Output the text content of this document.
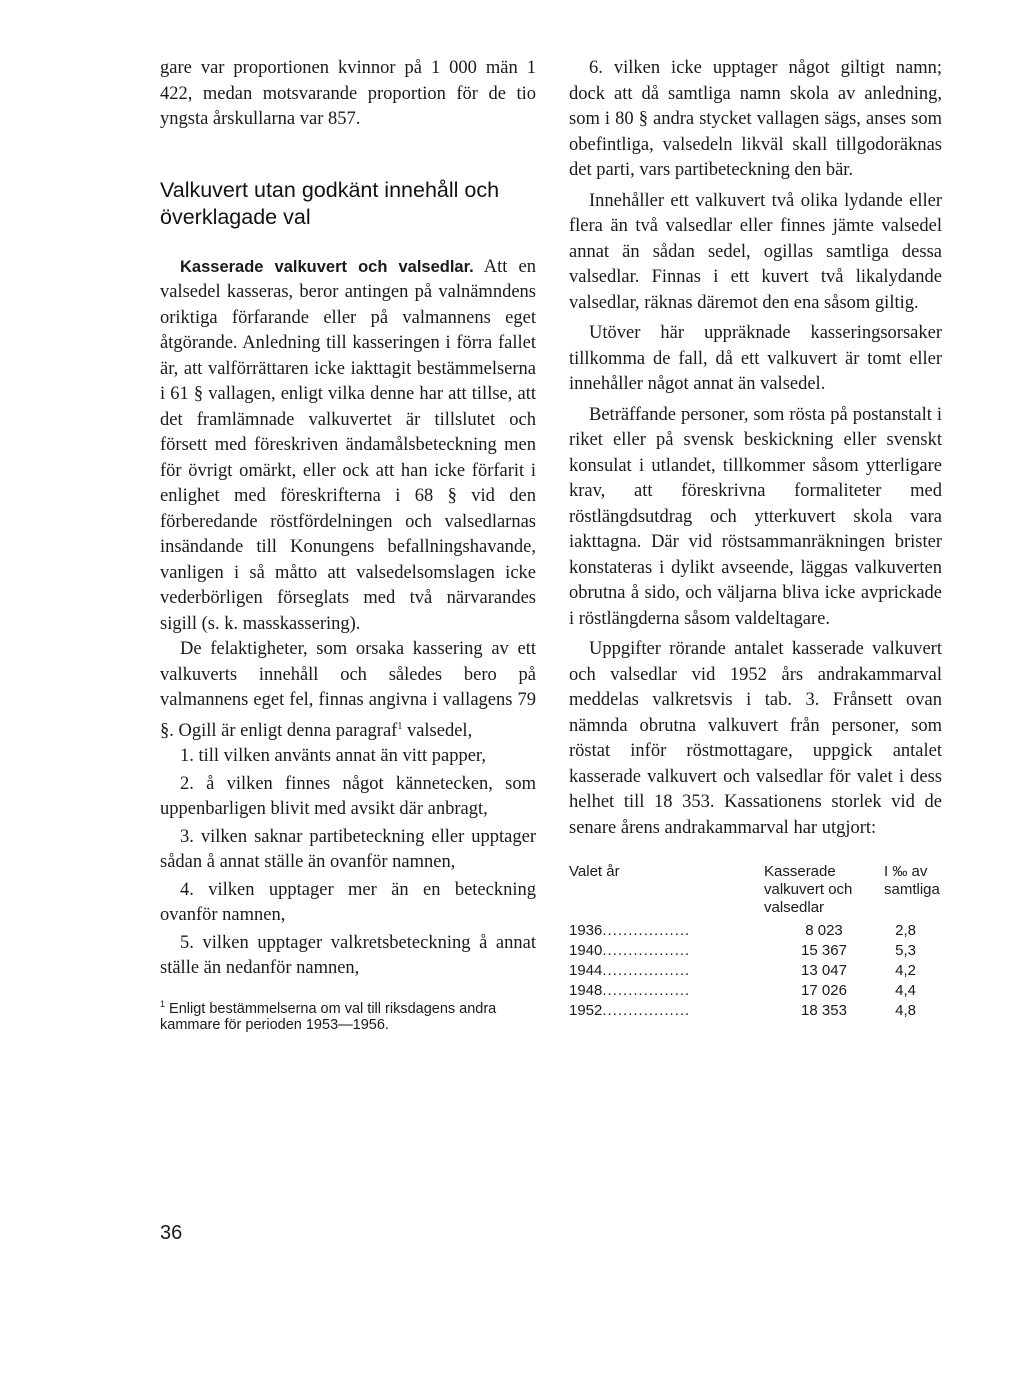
gare var proportionen kvinnor på 1 000 män 1 422, medan motsvarande proportion för de tio yngsta årskullarna var 857.

Valkuvert utan godkänt innehåll och överklagade val

Kasserade valkuvert och valsedlar. Att en valsedel kasseras, beror antingen på valnämndens oriktiga förfarande eller på valmannens eget åtgörande. Anledning till kasseringen i förra fallet är, att valförrättaren icke iakttagit bestämmelserna i 61 § vallagen, enligt vilka denne har att tillse, att det framlämnade valkuvertet är tillslutet och försett med föreskriven ändamålsbeteckning men för övrigt omärkt, eller ock att han icke förfarit i enlighet med föreskrifterna i 68 § vid den förberedande röstfördelningen och valsedlarnas insändande till Konungens befallningshavande, vanligen i så måtto att valsedelsomslagen icke vederbörligen förseglats med två närvarandes sigill (s. k. masskassering).

De felaktigheter, som orsaka kassering av ett valkuverts innehåll och således bero på valmannens eget fel, finnas angivna i vallagens 79 §. Ogill är enligt denna paragraf$^1$ valsedel,

1. till vilken använts annat än vitt papper,

2. å vilken finnes något kännetecken, som uppenbarligen blivit med avsikt där anbragt,

3. vilken saknar partibeteckning eller upptager sådan å annat ställe än ovanför namnen,

4. vilken upptager mer än en beteckning ovanför namnen,

5. vilken upptager valkretsbeteckning å annat ställe än nedanför namnen,

$^1$ Enligt bestämmelserna om val till riksdagens andra kammare för perioden 1953—1956.

36

6. vilken icke upptager något giltigt namn; dock att då samtliga namn skola av anledning, som i 80 § andra stycket vallagen sägs, anses som obefintliga, valsedeln likväl skall tillgodoräknas det parti, vars partibeteckning den bär.

Innehåller ett valkuvert två olika lydande eller flera än två valsedlar eller finnes jämte valsedel annat än sådan sedel, ogillas samtliga dessa valsedlar. Finnas i ett kuvert två likalydande valsedlar, räknas däremot den ena såsom giltig.

Utöver här uppräknade kasseringsorsaker tillkomma de fall, då ett valkuvert är tomt eller innehåller något annat än valsedel.

Beträffande personer, som rösta på postanstalt i riket eller på svensk beskickning eller svenskt konsulat i utlandet, tillkommer såsom ytterligare krav, att föreskrivna formaliteter med röstlängdsutdrag och ytterkuvert skola vara iakttagna. Där vid röstsammanräkningen brister konstateras i dylikt avseende, läggas valkuverten obrutna å sido, och väljarna bliva icke avprickade i röstlängderna såsom valdeltagare.

Uppgifter rörande antalet kasserade valkuvert och valsedlar vid 1952 års andrakammarval meddelas valkretsvis i tab. 3. Frånsett ovan nämnda obrutna valkuvert från personer, som röstat inför röstmottagare, uppgick antalet kasserade valkuvert och valsedlar för valet i dess helhet till 18 353. Kassationens storlek vid de senare årens andrakammarval har utgjort:

Valet år	Kasserade valkuvert och valsedlar	I ‰ av samtliga
1936.................	8 023	2,8
1940.................	15 367	5,3
1944.................	13 047	4,2
1948.................	17 026	4,4
1952.................	18 353	4,8
